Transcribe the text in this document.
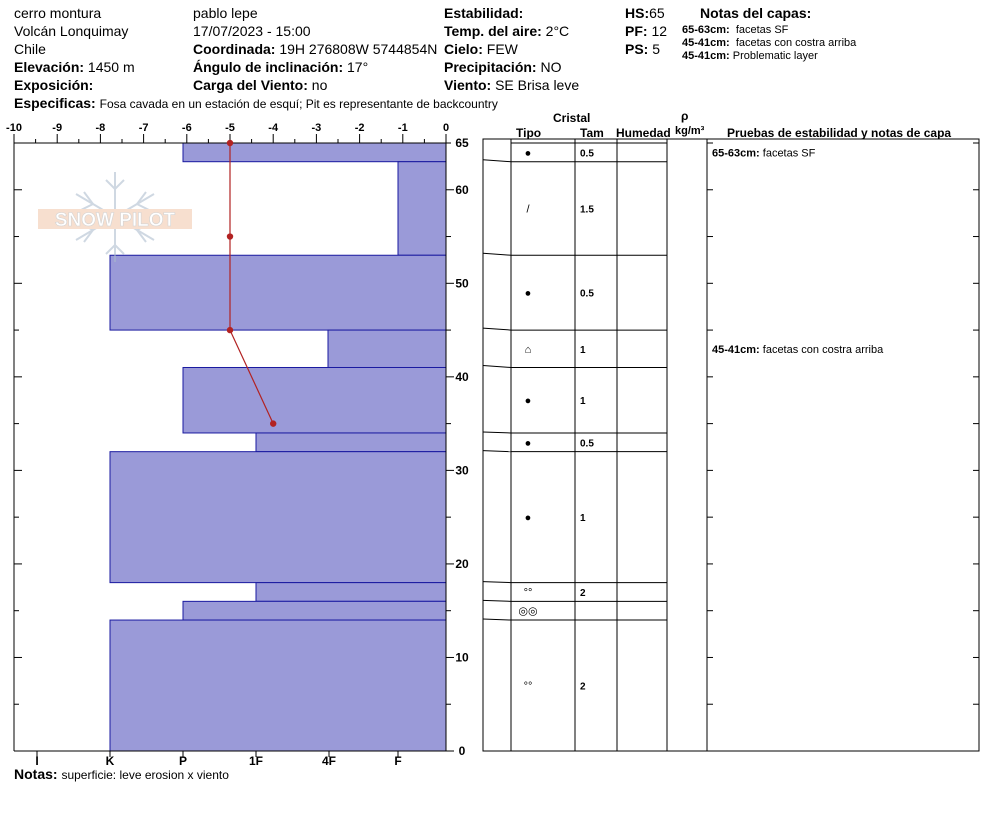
cerro montura
Volcán Lonquimay
Chile
Elevación: 1450 m
Exposición:
pablo lepe
17/07/2023 - 15:00
Coordinada: 19H 276808W 5744854N
Ángulo de inclinación: 17°
Carga del Viento: no
Estabilidad:
Temp. del aire: 2°C
Cielo: FEW
Precipitación: NO
Viento: SE Brisa leve
HS:65
PF: 12
PS: 5
Notas del capas:
65-63cm: facetas SF
45-41cm: facetas con costra arriba
45-41cm: Problematic layer
Especificas: Fosa cavada en un estación de esquí; Pit es representante de backcountry
Cristal
Tipo	Tam Humedad
ρ
kg/m³ Pruebas de estabilidad y notas de capa
Notas: superficie: leve erosion x viento
SNOW PILOT
-10	-9	-8	-7	-6	-5	-4	-3	-2	-1	0
I	K	P	1F	4F	F
0
10
20
30
40
50
60
65
●	0.5
/	1.5
●	0.5
⌂	1
●	1
●	0.5
●	1
°°	2
◎◎
°°	2
65-63cm: facetas SF
45-41cm: facetas con costra arriba
